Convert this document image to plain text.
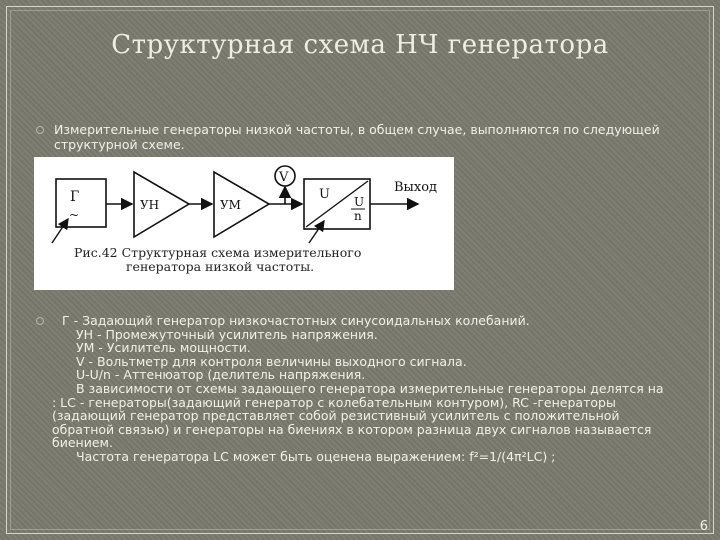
Структурная схема НЧ генератора
Измерительные генераторы низкой частоты, в общем случае, выполняются по следующей
структурной схеме.
Г
~
УН	УМ
V
U U
n
Выход
Рис.42 Структурная схема измерительного
генератора низкой частоты.
Г - Задающий генератор низкочастотных синусоидальных колебаний.
УН - Промежуточный усилитель напряжения.
УМ - Усилитель мощности.
V - Вольтметр для контроля величины выходного сигнала.
U-U/n - Аттенюатор (делитель напряжения.
В зависимости от схемы задающего генератора измерительные генераторы делятся на
: LC - генераторы(задающий генератор с колебательным контуром), RC -генераторы
(задающий генератор представляет собой резистивный усилитель с положительной
обратной связью) и генераторы на биениях в котором разница двух сигналов называется
биением.
Частота генератора LC может быть оценена выражением: f²=1/(4π²LC) ;
6
